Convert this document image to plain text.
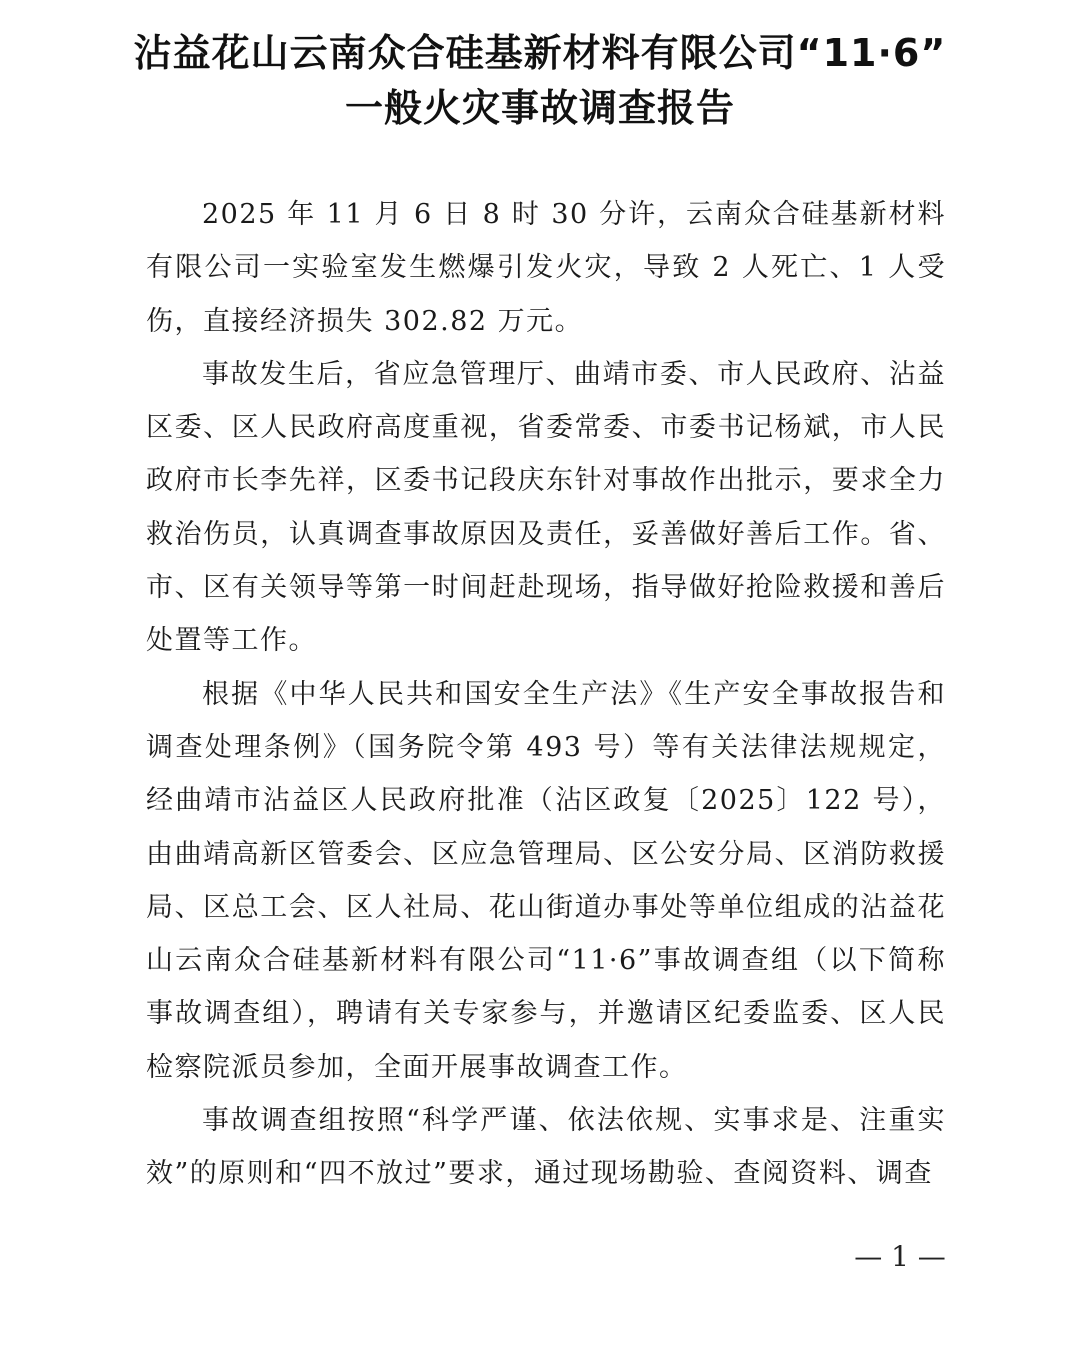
沾益花山云南众合硅基新材料有限公司“11·6”
一般火灾事故调查报告

2025 年 11 月 6 日 8 时 30 分许，云南众合硅基新材料有限公司一实验室发生燃爆引发火灾，导致 2 人死亡、1 人受伤，直接经济损失 302.82 万元。

事故发生后，省应急管理厅、曲靖市委、市人民政府、沾益区委、区人民政府高度重视，省委常委、市委书记杨斌，市人民政府市长李先祥，区委书记段庆东针对事故作出批示，要求全力救治伤员，认真调查事故原因及责任，妥善做好善后工作。省、市、区有关领导等第一时间赶赴现场，指导做好抢险救援和善后处置等工作。

根据《中华人民共和国安全生产法》《生产安全事故报告和调查处理条例》（国务院令第 493 号）等有关法律法规规定，经曲靖市沾益区人民政府批准（沾区政复〔2025〕122 号），由曲靖高新区管委会、区应急管理局、区公安分局、区消防救援局、区总工会、区人社局、花山街道办事处等单位组成的沾益花山云南众合硅基新材料有限公司“11·6”事故调查组（以下简称事故调查组），聘请有关专家参与，并邀请区纪委监委、区人民检察院派员参加，全面开展事故调查工作。

事故调查组按照“科学严谨、依法依规、实事求是、注重实效”的原则和“四不放过”要求，通过现场勘验、查阅资料、调查

— 1 —
